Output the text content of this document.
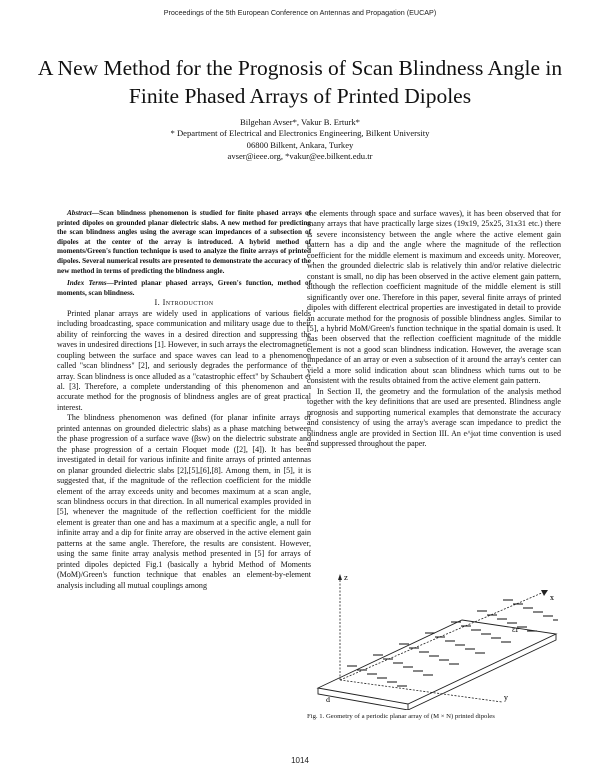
Proceedings of the 5th European Conference on Antennas and Propagation (EUCAP)
A New Method for the Prognosis of Scan Blindness Angle in Finite Phased Arrays of Printed Dipoles
Bilgehan Avser*, Vakur B. Erturk*
* Department of Electrical and Electronics Engineering, Bilkent University
06800 Bilkent, Ankara, Turkey
avser@ieee.org, *vakur@ee.bilkent.edu.tr

Abstract—Scan blindness phenomenon is studied for finite phased arrays of printed dipoles on grounded planar dielectric slabs. A new method for predicting the scan blindness angles using the average scan impedances of a subsection of dipoles at the center of the array is introduced. A hybrid method of moments/Green's function technique is used to analyze the finite arrays of printed dipoles. Several numerical results are presented to demonstrate the accuracy of the new method in terms of predicting the blindness angle.

Index Terms—Printed planar phased arrays, Green's function, method of moments, scan blindness.

I. Introduction

Printed planar arrays are widely used in applications of various fields including broadcasting, space communication and military usage due to their ability of reinforcing the waves in a desired direction and suppressing the waves in undesired directions [1]. However, in such arrays the electromagnetic coupling between the surface and space waves can lead to a phenomenon called "scan blindness" [2], and seriously degrades the performance of the array. Scan blindness is once alluded as a "catastrophic effect" by Schaubert et al. [3]. Therefore, a complete understanding of this phenomenon and an accurate method for the prognosis of blindness angles are of great practical interest.

The blindness phenomenon was defined (for planar infinite arrays of printed antennas on grounded dielectric slabs) as a phase matching between the phase progression of a surface wave (βsw) on the dielectric substrate and the phase progression of a certain Floquet mode ([2], [4]). It has been investigated in detail for various infinite and finite arrays of printed antennas on planar grounded dielectric slabs [2],[5],[6],[8]. Among them, in [5], it is suggested that, if the magnitude of the reflection coefficient for the middle element of the array exceeds unity and becomes maximum at a scan angle, scan blindness occurs in that direction. In all numerical examples provided in [5], whenever the magnitude of the reflection coefficient for the middle element is greater than one and has a maximum at a specific angle, a null for infinite array and a dip for finite array are observed in the active element gain patterns at the same angle. Therefore, the results are consistent. However, using the same finite array analysis method presented in [5] for arrays of printed dipoles depicted Fig.1 (basically a hybrid Method of Moments (MoM)/Green's function technique that enables an element-by-element analysis including all mutual couplings among

the elements through space and surface waves), it has been observed that for many arrays that have practically large sizes (19x19, 25x25, 31x31 etc.) there is severe inconsistency between the angle where the active element gain pattern has a dip and the angle where the magnitude of the reflection coefficient for the middle element is maximum and exceeds unity. Moreover, when the grounded dielectric slab is relatively thin and/or relative dielectric constant is small, no dip has been observed in the active element gain pattern, although the reflection coefficient magnitude of the middle element is still significantly over one. Therefore in this paper, several finite arrays of printed dipoles with different electrical properties are investigated in detail to provide an accurate method for the prognosis of possible blindness angles. Similar to [5], a hybrid MoM/Green's function technique in the spatial domain is used. It has been observed that the reflection coefficient magnitude of the middle element is not a good scan blindness indication. However, the average scan impedance of an array or even a subsection of it around the array's center can yield a more solid indication about scan blindness which turns out to be consistent with the results obtained from the active element gain pattern.

In Section II, the geometry and the formulation of the analysis method together with the key definitions that are used are presented. Blindness angle prognosis and supporting numerical examples that demonstrate the accuracy and consistency of using the array's average scan impedance to predict the blindness angle are provided in Section III. An e^jωt time convention is used and suppressed throughout the paper.

z
x
y
εr
d
Fig. 1. Geometry of a periodic planar array of (M × N) printed dipoles
1014
